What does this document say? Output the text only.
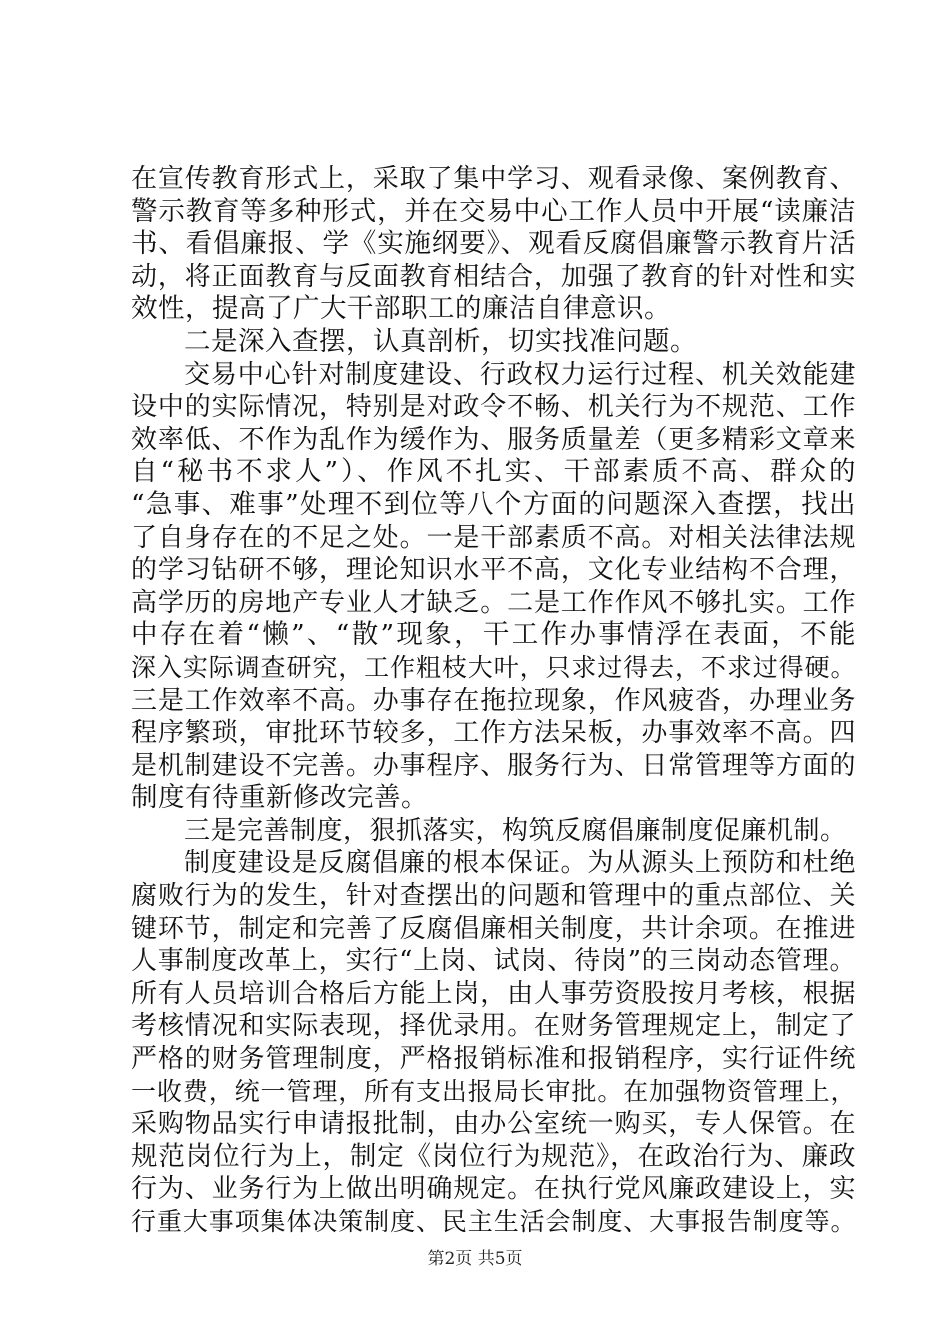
在宣传教育形式上，采取了集中学习、观看录像、案例教育、
警示教育等多种形式，并在交易中心工作人员中开展“读廉洁
书、看倡廉报、学《实施纲要》、观看反腐倡廉警示教育片活
动，将正面教育与反面教育相结合，加强了教育的针对性和实
效性，提高了广大干部职工的廉洁自律意识。
二是深入查摆，认真剖析，切实找准问题。
交易中心针对制度建设、行政权力运行过程、机关效能建
设中的实际情况，特别是对政令不畅、机关行为不规范、工作
效率低、不作为乱作为缓作为、服务质量差（更多精彩文章来
自“秘书不求人”）、作风不扎实、干部素质不高、群众的
“急事、难事”处理不到位等八个方面的问题深入查摆，找出
了自身存在的不足之处。一是干部素质不高。对相关法律法规
的学习钻研不够，理论知识水平不高，文化专业结构不合理，
高学历的房地产专业人才缺乏。二是工作作风不够扎实。工作
中存在着“懒”、“散”现象，干工作办事情浮在表面，不能
深入实际调查研究，工作粗枝大叶，只求过得去，不求过得硬。
三是工作效率不高。办事存在拖拉现象，作风疲沓，办理业务
程序繁琐，审批环节较多，工作方法呆板，办事效率不高。四
是机制建设不完善。办事程序、服务行为、日常管理等方面的
制度有待重新修改完善。
三是完善制度，狠抓落实，构筑反腐倡廉制度促廉机制。
制度建设是反腐倡廉的根本保证。为从源头上预防和杜绝
腐败行为的发生，针对查摆出的问题和管理中的重点部位、关
键环节，制定和完善了反腐倡廉相关制度，共计余项。在推进
人事制度改革上，实行“上岗、试岗、待岗”的三岗动态管理。
所有人员培训合格后方能上岗，由人事劳资股按月考核，根据
考核情况和实际表现，择优录用。在财务管理规定上，制定了
严格的财务管理制度，严格报销标准和报销程序，实行证件统
一收费，统一管理，所有支出报局长审批。在加强物资管理上，
采购物品实行申请报批制，由办公室统一购买，专人保管。在
规范岗位行为上，制定《岗位行为规范》，在政治行为、廉政
行为、业务行为上做出明确规定。在执行党风廉政建设上，实
行重大事项集体决策制度、民主生活会制度、大事报告制度等。
第2页 共5页
